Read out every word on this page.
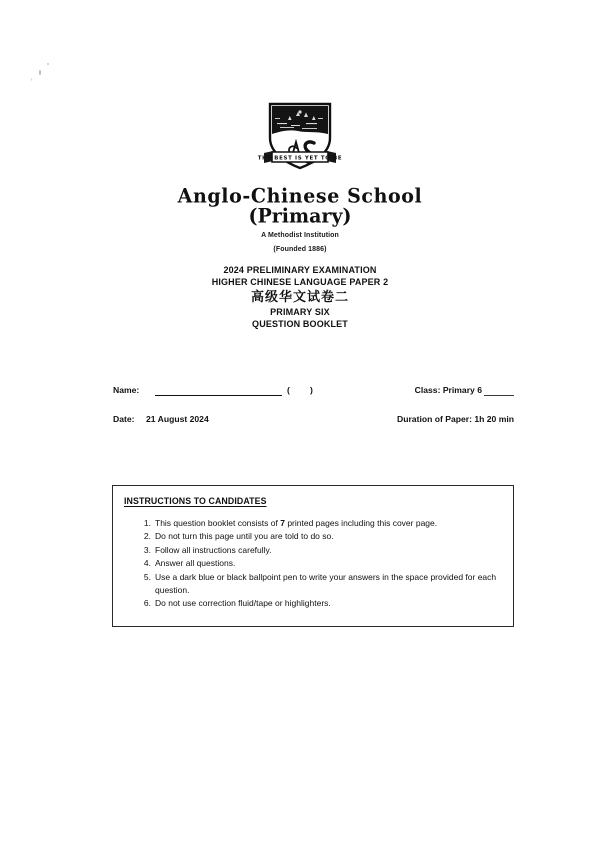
THE BEST IS YET TO BE
Anglo-Chinese School
(Primary)
A Methodist Institution
(Founded 1886)
2024 PRELIMINARY EXAMINATION
HIGHER CHINESE LANGUAGE PAPER 2
高级华文试卷二
PRIMARY SIX
QUESTION BOOKLET
Name:	( )	Class: Primary 6
Date: 21 August 2024	Duration of Paper: 1h 20 min
INSTRUCTIONS TO CANDIDATES
1. This question booklet consists of 7 printed pages including this cover page.
2. Do not turn this page until you are told to do so.
3. Follow all instructions carefully.
4. Answer all questions.
5. Use a dark blue or black ballpoint pen to write your answers in the space provided for each question.
6. Do not use correction fluid/tape or highlighters.
